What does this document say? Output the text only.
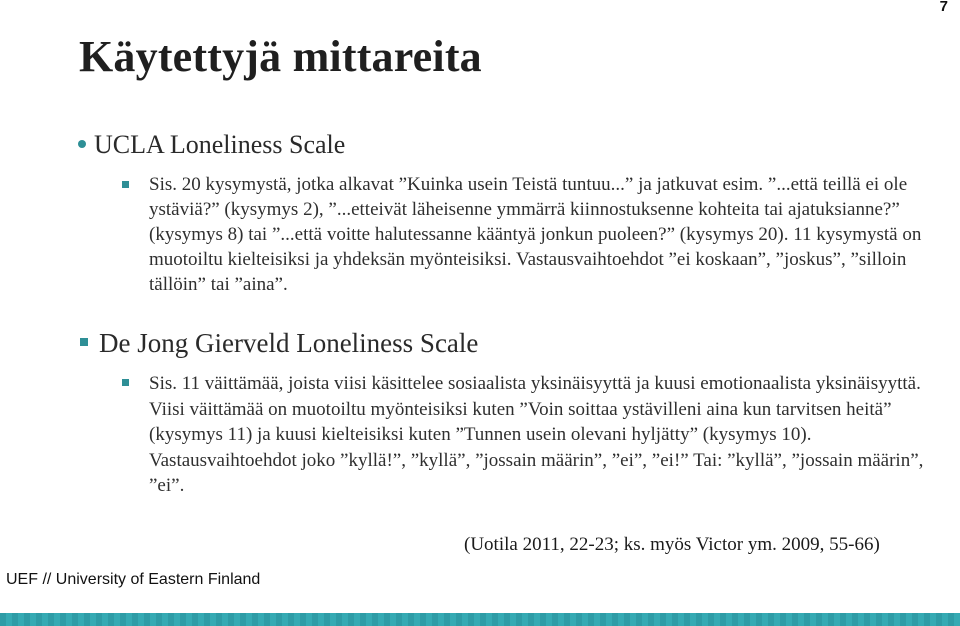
7
Käytettyjä mittareita
UCLA Loneliness Scale
Sis. 20 kysymystä, jotka alkavat ”Kuinka usein Teistä tuntuu...” ja jatkuvat esim. ”...että teillä ei ole ystäviä?” (kysymys 2), ”...etteivät läheisenne ymmärrä kiinnostuksenne kohteita tai ajatuksianne?” (kysymys 8) tai ”...että voitte halutessanne kääntyä jonkun puoleen?” (kysymys 20). 11 kysymystä on muotoiltu kielteisiksi ja yhdeksän myönteisiksi. Vastausvaihtoehdot ”ei koskaan”, ”joskus”, ”silloin tällöin” tai ”aina”.
De Jong Gierveld Loneliness Scale
Sis. 11 väittämää, joista viisi käsittelee sosiaalista yksinäisyyttä ja kuusi emotionaalista yksinäisyyttä. Viisi väittämää on muotoiltu myönteisiksi kuten ”Voin soittaa ystävilleni aina kun tarvitsen heitä” (kysymys 11) ja kuusi kielteisiksi kuten ”Tunnen usein olevani hyljätty” (kysymys 10). Vastausvaihtoehdot joko ”kyllä!”, ”kyllä”, ”jossain määrin”, ”ei”, ”ei!” Tai: ”kyllä”, ”jossain määrin”, ”ei”.
(Uotila 2011, 22-23; ks. myös Victor ym. 2009, 55-66)
UEF // University of Eastern Finland
